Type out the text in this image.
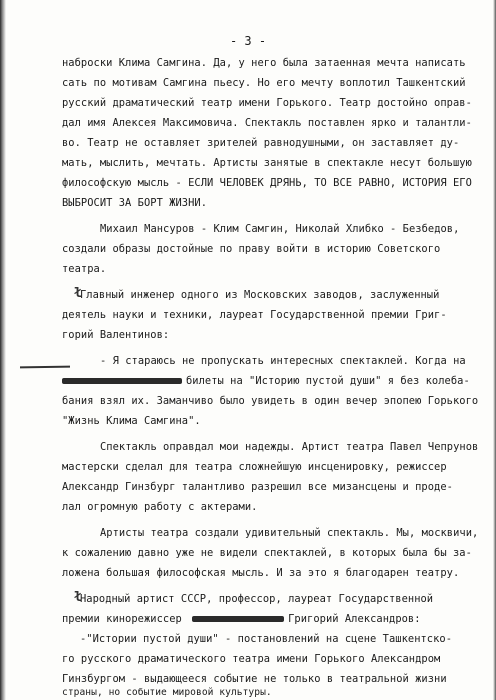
- 3 -
наброски Клима Самгина. Да, у него была затаенная мечта написать
сать по мотивам Самгина пьесу. Но его мечту воплотил Ташкентский
русский драматический театр имени Горького. Театр достойно оправ-
дал имя Алексея Максимовича. Спектакль поставлен ярко и талантли-
во. Театр не оставляет зрителей равнодушными, он заставляет ду-
мать, мыслить, мечтать. Артисты занятые в спектакле несут большую
философскую мысль - ЕСЛИ ЧЕЛОВЕК ДРЯНЬ, ТО ВСЕ РАВНО, ИСТОРИЯ ЕГО
ВЫБРОСИТ ЗА БОРТ ЖИЗНИ.
Михаил Мансуров - Клим Самгин, Николай Хлибко - Безбедов,
создали образы достойные по праву войти в историю Советского
театра.
ł
Главный инженер одного из Московских заводов, заслуженный
деятель науки и техники, лауреат Государственной премии Григ-
горий Валентинов:
- Я стараюсь не пропускать интересных спектаклей. Когда на
билеты на "Историю пустой души" я без колеба-
бания взял их. Заманчиво было увидеть в один вечер эпопею Горького
"Жизнь Клима Самгина".
Спектакль оправдал мои надежды. Артист театра Павел Чепрунов
мастерски сделал для театра сложнейшую инсценировку, режиссер
Александр Гинзбург талантливо разрешил все мизансцены и проде-
лал огромную работу с актерами.
Артисты театра создали удивительный спектакль. Мы, москвичи,
к сожалению давно уже не видели спектаклей, в которых была бы за-
ложена большая философская мысль. И за это я благодарен театру.
ł
Народный артист СССР, профессор, лауреат Государственной
премии кинорежиссер	Григорий Александров:
-"Истории пустой души" - постановлений на сцене Ташкентско-
го русского драматического театра имени Горького Александром
Гинзбургом - выдающееся событие не только в театральной жизни
страны, но событие мировой культуры.
